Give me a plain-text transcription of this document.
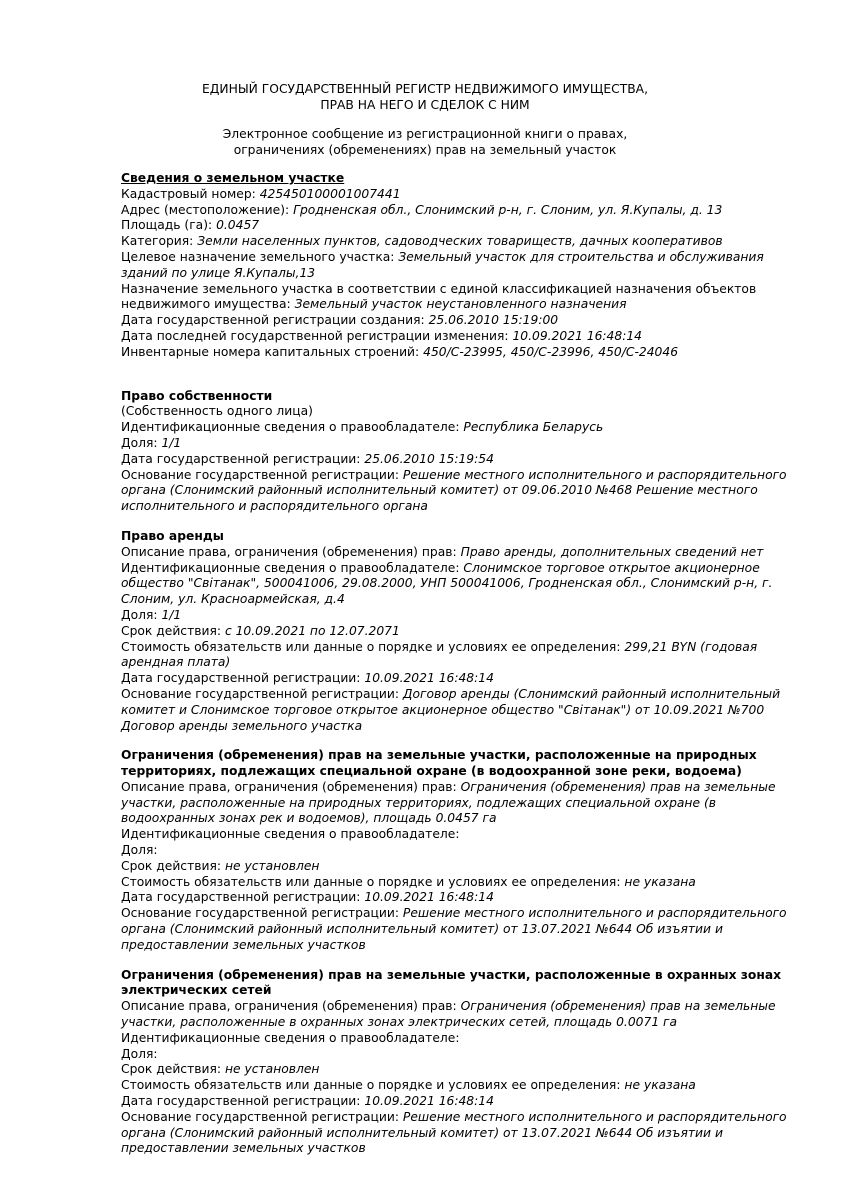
ЕДИНЫЙ ГОСУДАРСТВЕННЫЙ РЕГИСТР НЕДВИЖИМОГО ИМУЩЕСТВА,
ПРАВ НА НЕГО И СДЕЛОК С НИМ
Электронное сообщение из регистрационной книги о правах,
ограничениях (обременениях) прав на земельный участок
Сведения о земельном участке
Кадастровый номер: 425450100001007441
Адрес (местоположение): Гродненская обл., Слонимский р-н, г. Слоним, ул. Я.Купалы, д. 13
Площадь (га): 0.0457
Категория: Земли населенных пунктов, садоводческих товариществ, дачных кооперативов
Целевое назначение земельного участка: Земельный участок для строительства и обслуживания зданий по улице Я.Купалы,13
Назначение земельного участка в соответствии с единой классификацией назначения объектов недвижимого имущества: Земельный участок неустановленного назначения
Дата государственной регистрации создания: 25.06.2010 15:19:00
Дата последней государственной регистрации изменения: 10.09.2021 16:48:14
Инвентарные номера капитальных строений: 450/C-23995, 450/C-23996, 450/C-24046
Право собственности
(Собственность одного лица)
Идентификационные сведения о правообладателе: Республика Беларусь
Доля: 1/1
Дата государственной регистрации: 25.06.2010 15:19:54
Основание государственной регистрации: Решение местного исполнительного и распорядительного органа (Слонимский районный исполнительный комитет) от 09.06.2010 №468 Решение местного исполнительного и распорядительного органа
Право аренды
Описание права, ограничения (обременения) прав: Право аренды, дополнительных сведений нет
Идентификационные сведения о правообладателе: Слонимское торговое открытое акционерное общество "Світанак", 500041006, 29.08.2000, УНП 500041006, Гродненская обл., Слонимский р-н, г. Слоним, ул. Красноармейская, д.4
Доля: 1/1
Срок действия: с 10.09.2021 по 12.07.2071
Стоимость обязательств или данные о порядке и условиях ее определения: 299,21 BYN (годовая арендная плата)
Дата государственной регистрации: 10.09.2021 16:48:14
Основание государственной регистрации: Договор аренды (Слонимский районный исполнительный комитет и Слонимское торговое открытое акционерное общество "Світанак") от 10.09.2021 №700 Договор аренды земельного участка
Ограничения (обременения) прав на земельные участки, расположенные на природных
территориях, подлежащих специальной охране (в водоохранной зоне реки, водоема)
Описание права, ограничения (обременения) прав: Ограничения (обременения) прав на земельные участки, расположенные на природных территориях, подлежащих специальной охране (в водоохранных зонах рек и водоемов), площадь 0.0457 га
Идентификационные сведения о правообладателе:
Доля:
Срок действия: не установлен
Стоимость обязательств или данные о порядке и условиях ее определения: не указана
Дата государственной регистрации: 10.09.2021 16:48:14
Основание государственной регистрации: Решение местного исполнительного и распорядительного органа (Слонимский районный исполнительный комитет) от 13.07.2021 №644 Об изъятии и предоставлении земельных участков
Ограничения (обременения) прав на земельные участки, расположенные в охранных зонах
электрических сетей
Описание права, ограничения (обременения) прав: Ограничения (обременения) прав на земельные участки, расположенные в охранных зонах электрических сетей, площадь 0.0071 га
Идентификационные сведения о правообладателе:
Доля:
Срок действия: не установлен
Стоимость обязательств или данные о порядке и условиях ее определения: не указана
Дата государственной регистрации: 10.09.2021 16:48:14
Основание государственной регистрации: Решение местного исполнительного и распорядительного органа (Слонимский районный исполнительный комитет) от 13.07.2021 №644 Об изъятии и предоставлении земельных участков
